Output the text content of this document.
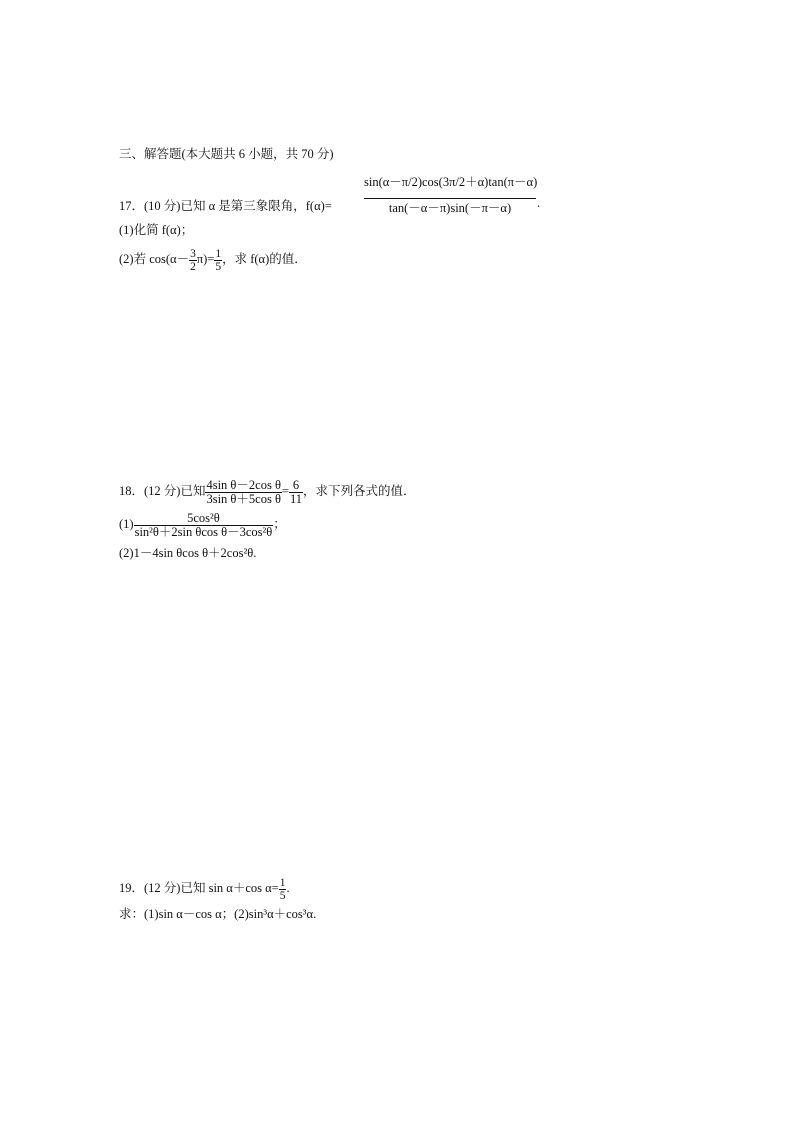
三、解答题(本大题共 6 小题，共 70 分)
17．(10 分)已知 α 是第三象限角，f(α)=	$\frac{\sin(\alpha-\pi/2)\cos(3\pi/2+\alpha)\tan(\pi-\alpha)}{\tan(-\alpha-\pi)\sin(-\pi-\alpha)}$ .
(1)化简 f(α)；
(2)若 $\cos(\alpha- \frac{3}{2} \pi)= \frac{1}{5}$ ，求 f(α)的值．
18．(12 分)已知 $\frac{\text{4sin θ－2cos θ}}{\text{3sin θ＋5cos θ}} = \frac{6}{11}$ ，求下列各式的值．
$(1) \frac{\text{5cos²θ}}{\text{sin²θ＋2sin θcos θ－3cos²θ}}$ ；
(2)1－4sin θcos θ＋2cos²θ.
19．(12 分)已知 sin α＋cos $\alpha= \frac{1}{5}$ .
求：(1)sin α－cos α；(2)sin³α＋cos³α.
